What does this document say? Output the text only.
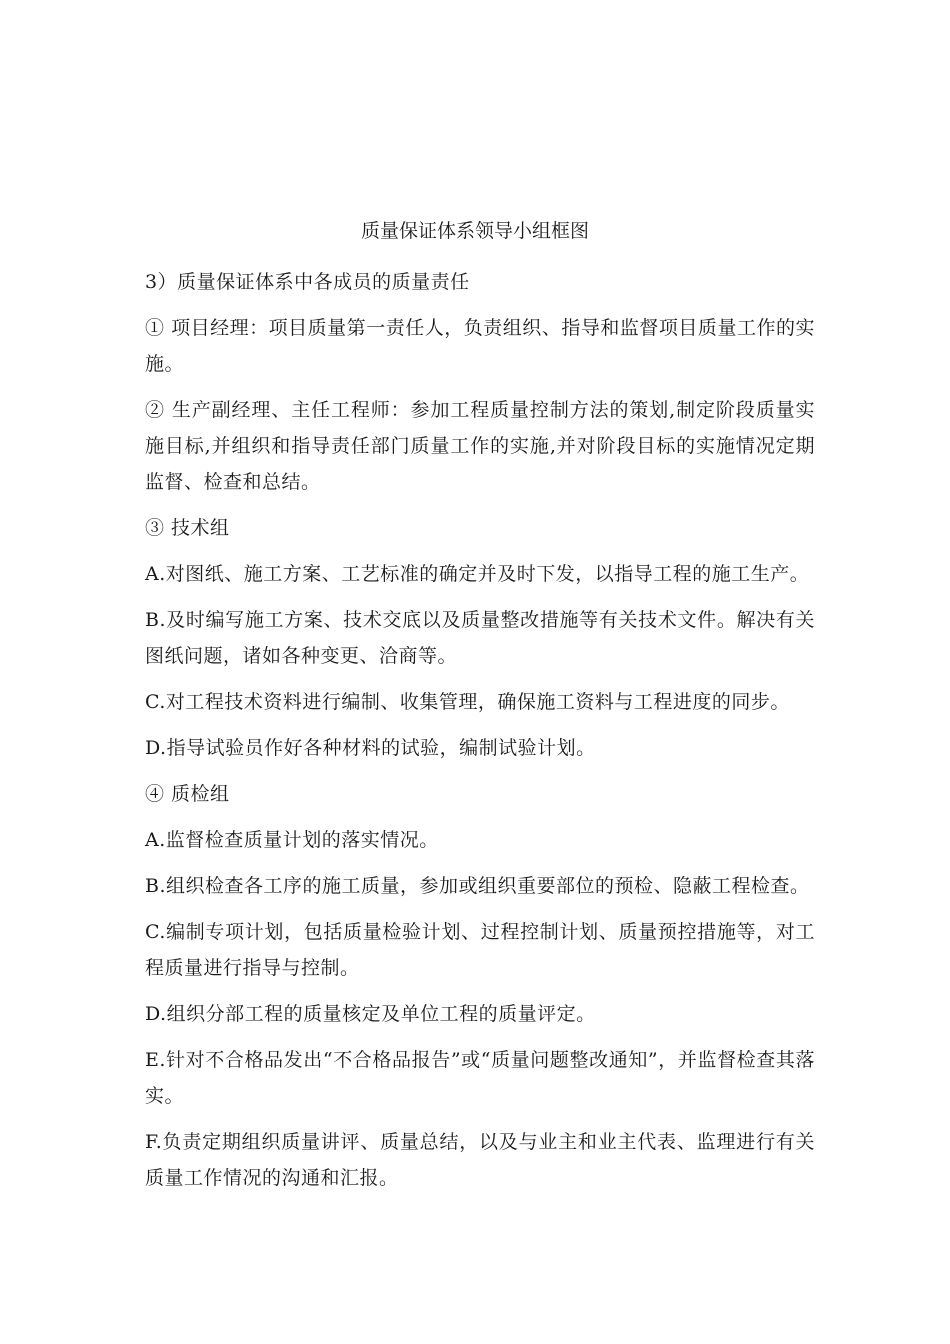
质量保证体系领导小组框图

3）质量保证体系中各成员的质量责任

① 项目经理：项目质量第一责任人，负责组织、指导和监督项目质量工作的实施。

② 生产副经理、主任工程师：参加工程质量控制方法的策划,制定阶段质量实施目标,并组织和指导责任部门质量工作的实施,并对阶段目标的实施情况定期监督、检查和总结。

③ 技术组

A.对图纸、施工方案、工艺标准的确定并及时下发，以指导工程的施工生产。

B.及时编写施工方案、技术交底以及质量整改措施等有关技术文件。解决有关图纸问题，诸如各种变更、洽商等。

C.对工程技术资料进行编制、收集管理，确保施工资料与工程进度的同步。

D.指导试验员作好各种材料的试验，编制试验计划。

④ 质检组

A.监督检查质量计划的落实情况。

B.组织检查各工序的施工质量，参加或组织重要部位的预检、隐蔽工程检查。

C.编制专项计划，包括质量检验计划、过程控制计划、质量预控措施等，对工程质量进行指导与控制。

D.组织分部工程的质量核定及单位工程的质量评定。

E.针对不合格品发出“不合格品报告”或“质量问题整改通知”，并监督检查其落实。

F.负责定期组织质量讲评、质量总结，以及与业主和业主代表、监理进行有关质量工作情况的沟通和汇报。
